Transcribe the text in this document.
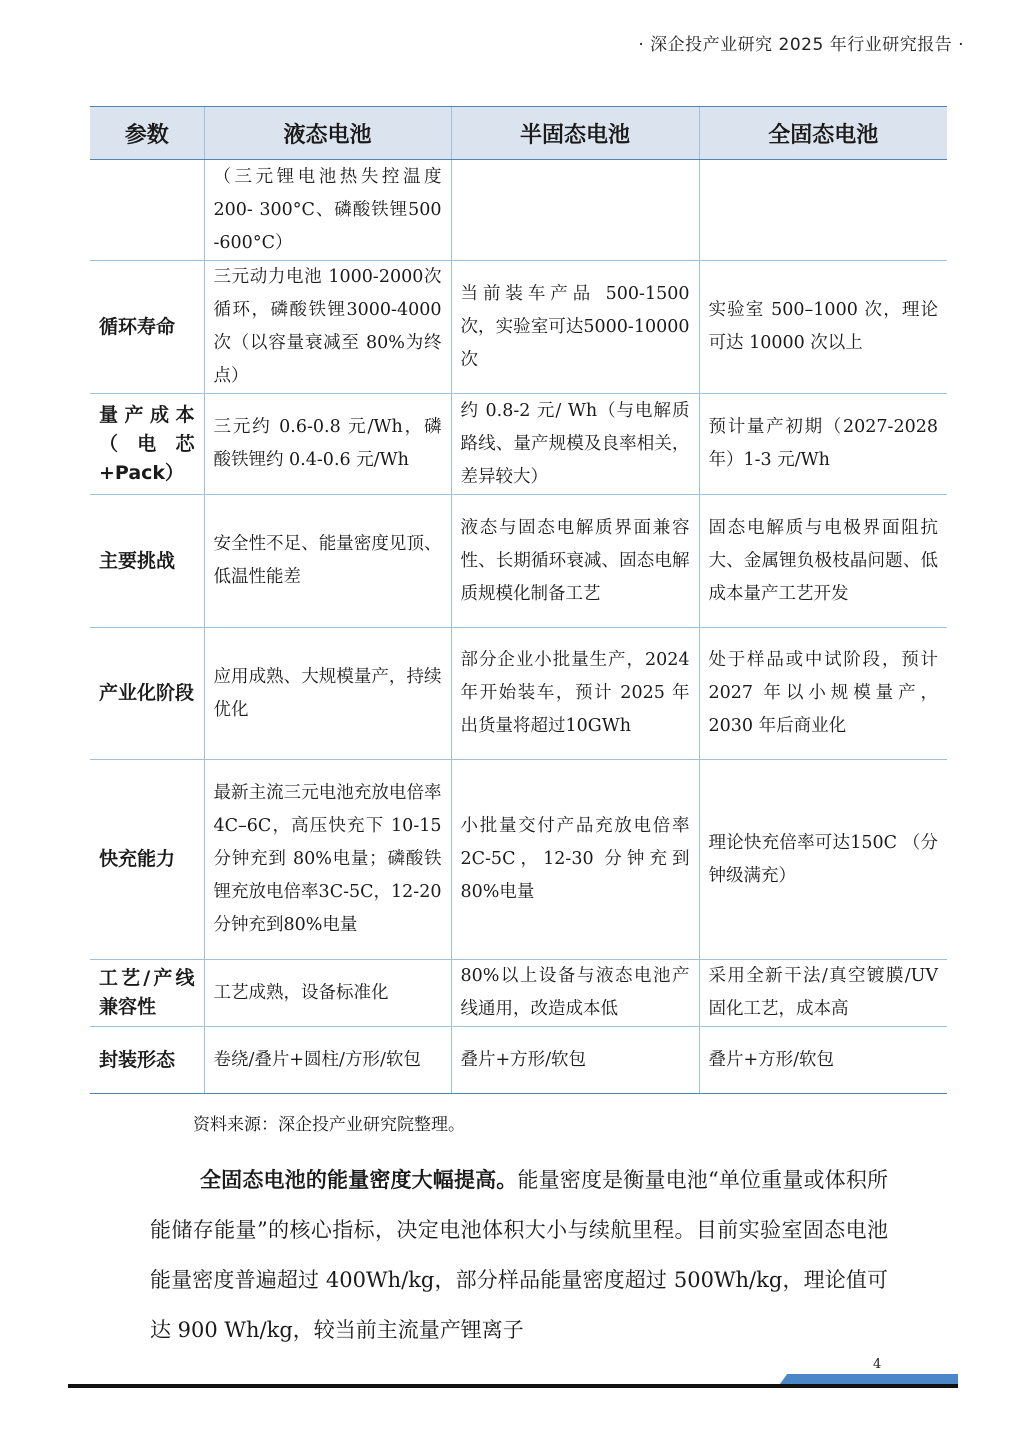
· 深企投产业研究 2025 年行业研究报告 ·
参数	液态电池	半固态电池	全固态电池
	（三元锂电池热失控温度 200- 300°C、磷酸铁锂500 -600°C）		
循环寿命	三元动力电池 1000-2000次循环，磷酸铁锂3000-4000 次（以容量衰减至 80%为终点）	当前装车产品 500-1500次，实验室可达5000-10000 次	实验室 500–1000 次，理论可达 10000 次以上
量产成本（电芯+Pack）	三元约 0.6-0.8 元/Wh，磷酸铁锂约 0.4-0.6 元/Wh	约 0.8-2 元/ Wh（与电解质路线、量产规模及良率相关，差异较大）	预计量产初期（2027-2028 年）1-3 元/Wh
主要挑战	安全性不足、能量密度见顶、低温性能差	液态与固态电解质界面兼容性、长期循环衰减、固态电解质规模化制备工艺	固态电解质与电极界面阻抗大、金属锂负极枝晶问题、低成本量产工艺开发
产业化阶段	应用成熟、大规模量产，持续优化	部分企业小批量生产，2024 年开始装车，预计 2025 年出货量将超过10GWh	处于样品或中试阶段，预计 2027 年以小规模量产，2030 年后商业化
快充能力	最新主流三元电池充放电倍率 4C–6C，高压快充下 10-15 分钟充到 80%电量；磷酸铁锂充放电倍率3C-5C，12-20 分钟充到80%电量	小批量交付产品充放电倍率 2C-5C，12-30 分钟充到 80%电量	理论快充倍率可达150C （分钟级满充）
工艺/产线兼容性	工艺成熟，设备标准化	80%以上设备与液态电池产线通用，改造成本低	采用全新干法/真空镀膜/UV 固化工艺，成本高
封装形态	卷绕/叠片+圆柱/方形/软包	叠片+方形/软包	叠片+方形/软包
资料来源：深企投产业研究院整理。
全固态电池的能量密度大幅提高。能量密度是衡量电池“单位重量或体积所能储存能量”的核心指标，决定电池体积大小与续航里程。目前实验室固态电池能量密度普遍超过 400Wh/kg，部分样品能量密度超过 500Wh/kg，理论值可达 900 Wh/kg，较当前主流量产锂离子
4
